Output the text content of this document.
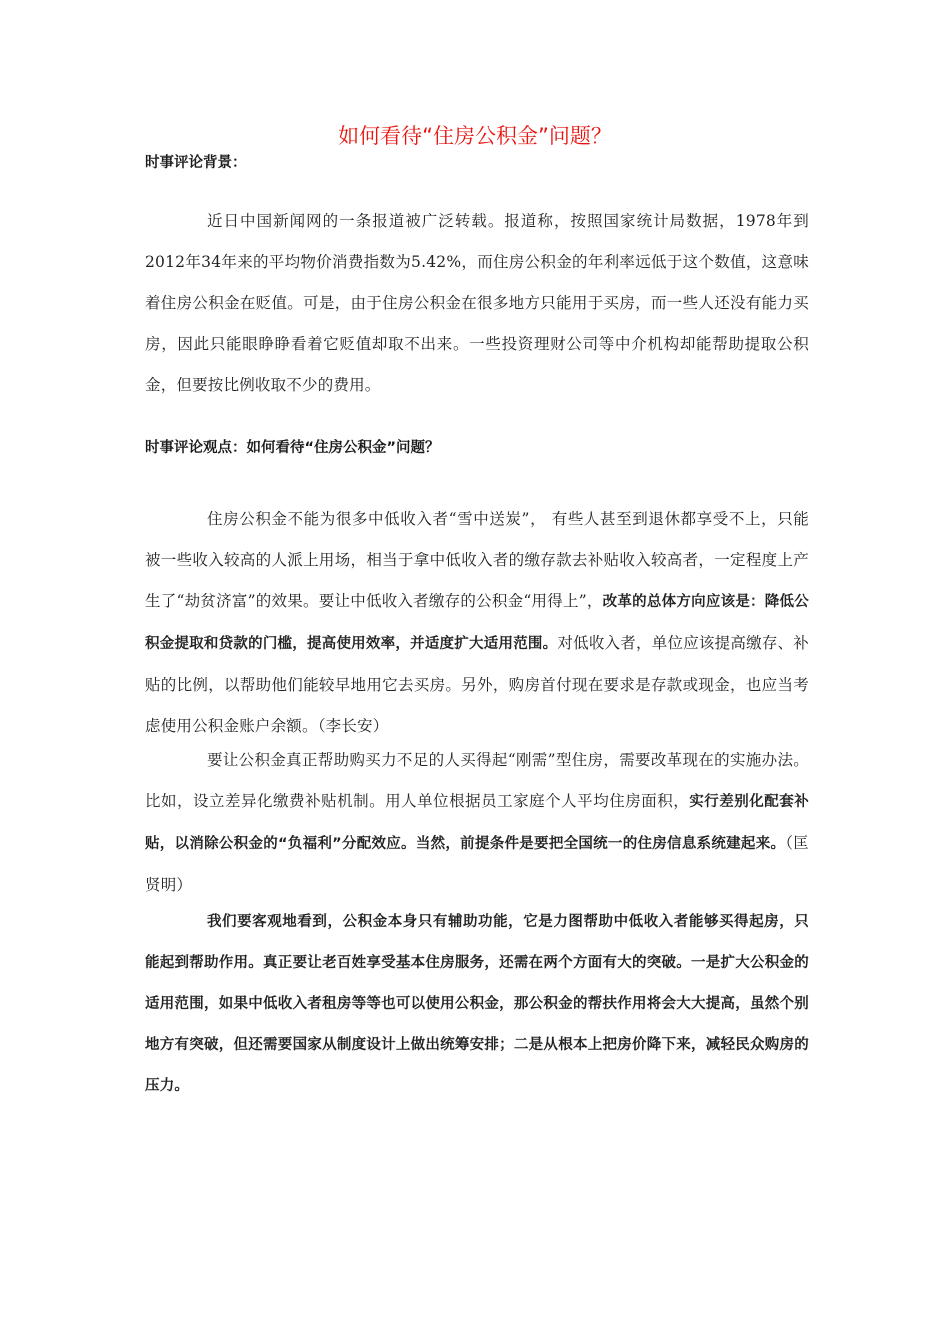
如何看待“住房公积金”问题？
时事评论背景：

近日中国新闻网的一条报道被广泛转载。报道称，按照国家统计局数据，1978年到2012年34年来的平均物价消费指数为5.42%，而住房公积金的年利率远低于这个数值，这意味着住房公积金在贬值。可是，由于住房公积金在很多地方只能用于买房，而一些人还没有能力买房，因此只能眼睁睁看着它贬值却取不出来。一些投资理财公司等中介机构却能帮助提取公积金，但要按比例收取不少的费用。

时事评论观点：如何看待“住房公积金”问题？

住房公积金不能为很多中低收入者“雪中送炭”， 有些人甚至到退休都享受不上，只能被一些收入较高的人派上用场，相当于拿中低收入者的缴存款去补贴收入较高者，一定程度上产生了“劫贫济富”的效果。要让中低收入者缴存的公积金“用得上”，改革的总体方向应该是：降低公积金提取和贷款的门槛，提高使用效率，并适度扩大适用范围。对低收入者，单位应该提高缴存、补贴的比例，以帮助他们能较早地用它去买房。另外，购房首付现在要求是存款或现金，也应当考虑使用公积金账户余额。（李长安）

要让公积金真正帮助购买力不足的人买得起“刚需”型住房，需要改革现在的实施办法。比如，设立差异化缴费补贴机制。用人单位根据员工家庭个人平均住房面积，实行差别化配套补贴，以消除公积金的“负福利”分配效应。当然，前提条件是要把全国统一的住房信息系统建起来。（匡贤明）

我们要客观地看到，公积金本身只有辅助功能，它是力图帮助中低收入者能够买得起房，只能起到帮助作用。真正要让老百姓享受基本住房服务，还需在两个方面有大的突破。一是扩大公积金的适用范围，如果中低收入者租房等等也可以使用公积金，那公积金的帮扶作用将会大大提高，虽然个别地方有突破，但还需要国家从制度设计上做出统筹安排；二是从根本上把房价降下来，减轻民众购房的压力。
